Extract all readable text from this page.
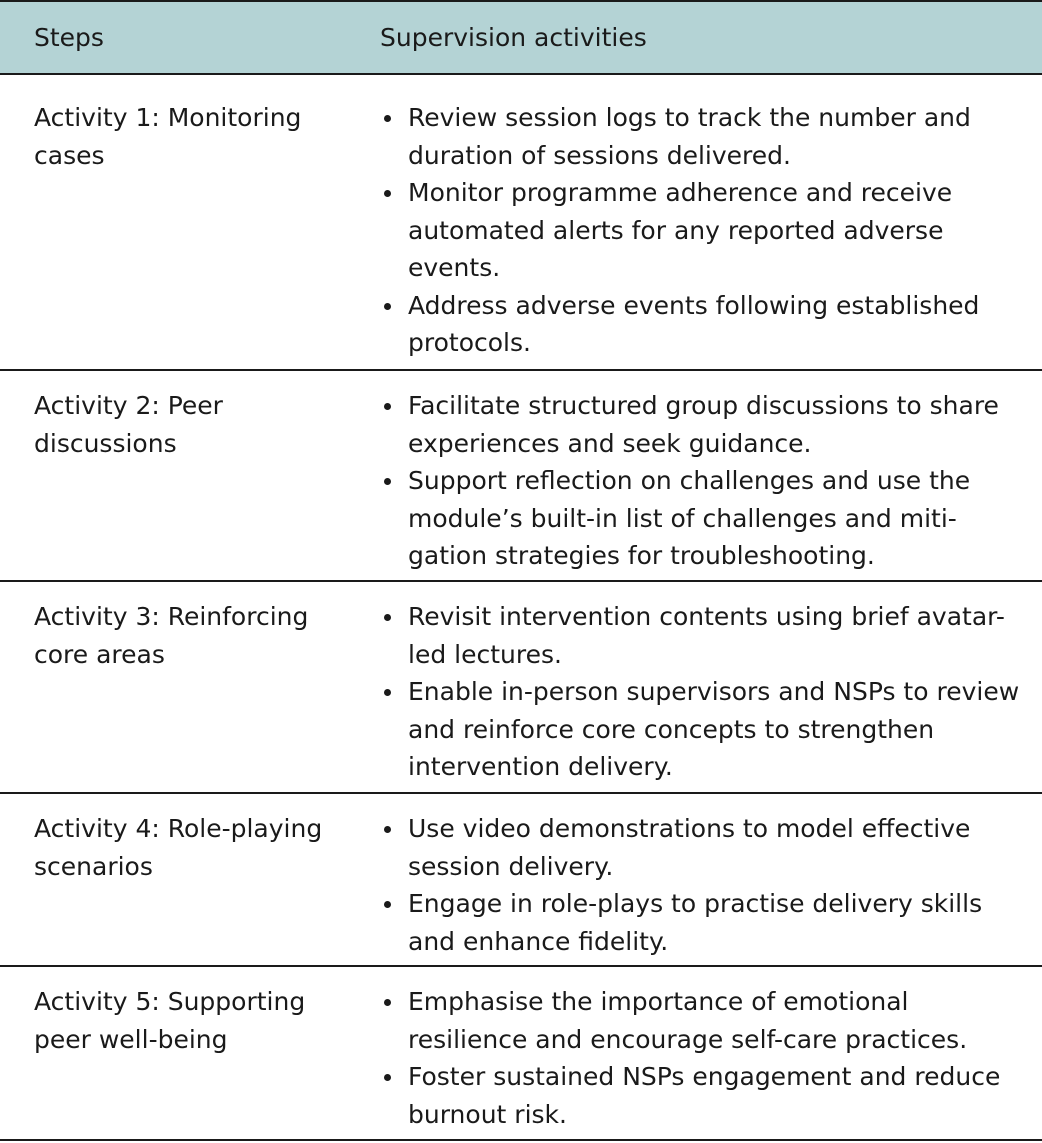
Steps	Supervision activities
Activity 1: Monitoring cases
Review session logs to track the number and duration of sessions delivered.
Monitor programme adherence and receive automated alerts for any reported adverse events.
Address adverse events following established protocols.
Activity 2: Peer discussions
Facilitate structured group discussions to share experiences and seek guidance.
Support reflection on challenges and use the module’s built-in list of challenges and miti-gation strategies for troubleshooting.
Activity 3: Reinforcing core areas
Revisit intervention contents using brief avatar-led lectures.
Enable in-person supervisors and NSPs to review and reinforce core concepts to strengthen intervention delivery.
Activity 4: Role-playing scenarios
Use video demonstrations to model effective session delivery.
Engage in role-plays to practise delivery skills and enhance fidelity.
Activity 5: Supporting peer well-being
Emphasise the importance of emotional resilience and encourage self-care practices.
Foster sustained NSPs engagement and reduce burnout risk.
